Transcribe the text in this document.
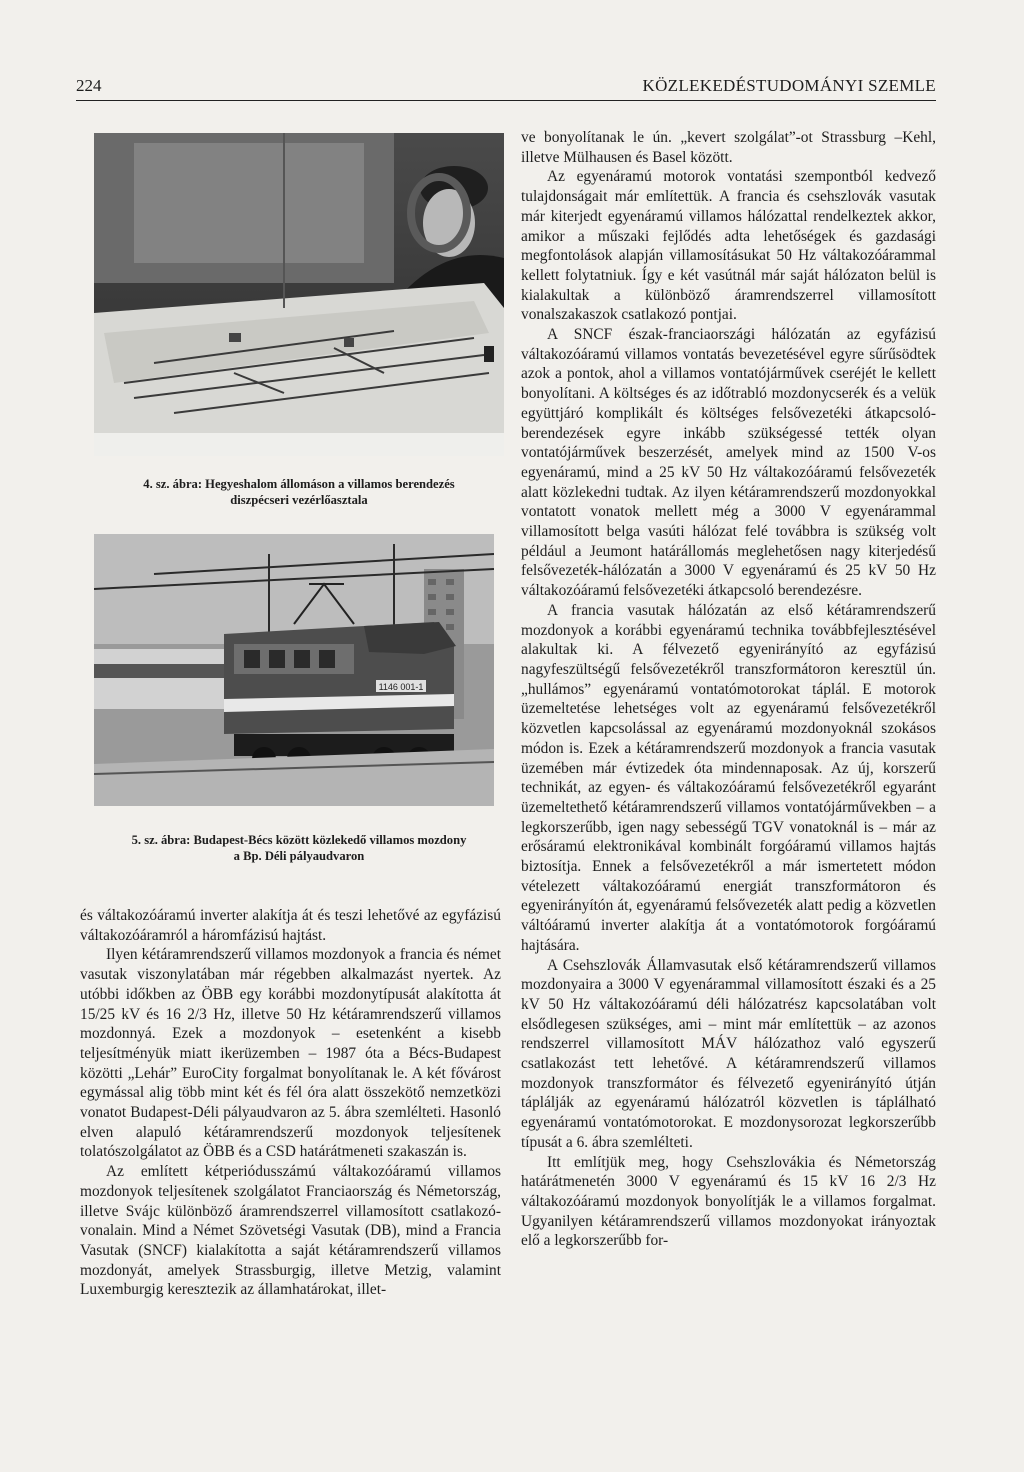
224	KÖZLEKEDÉSTUDOMÁNYI SZEMLE
4. sz. ábra: Hegyeshalom állomáson a villamos berendezés
diszpécseri vezérlőasztala
1146 001-1
5. sz. ábra: Budapest-Bécs között közlekedő villamos mozdony
a Bp. Déli pályaudvaron

és váltakozóáramú inverter alakítja át és teszi lehetővé az egyfázisú váltakozóáramról a háromfázisú hajtást.

Ilyen kétáramrendszerű villamos mozdonyok a francia és német vasutak viszonylatában már régebben alkalmazást nyertek. Az utóbbi időkben az ÖBB egy korábbi mozdonytípusát alakította át 15/25 kV és 16 2/3 Hz, illetve 50 Hz kétáramrendszerű villamos mozdonnyá. Ezek a mozdonyok – esetenként a kisebb teljesítményük miatt ikerüzemben – 1987 óta a Bécs-Budapest közötti „Lehár” EuroCity forgalmat bonyolítanak le. A két fővárost egymással alig több mint két és fél óra alatt összekötő nemzetközi vonatot Budapest-Déli pályaudvaron az 5. ábra szemlélteti. Hasonló elven alapuló kétáramrendszerű mozdonyok teljesítenek tolatószolgálatot az ÖBB és a CSD határátmeneti szakaszán is.

Az említett kétperiódusszámú váltakozóáramú villamos mozdonyok teljesítenek szolgálatot Franciaország és Németország, illetve Svájc különböző áramrendszerrel villamosított csatlakozó-vonalain. Mind a Német Szövetségi Vasutak (DB), mind a Francia Vasutak (SNCF) kialakította a saját kétáramrendszerű villamos mozdonyát, amelyek Strassburgig, illetve Metzig, valamint Luxemburgig keresztezik az államhatárokat, illet-

ve bonyolítanak le ún. „kevert szolgálat”-ot Strassburg –Kehl, illetve Mülhausen és Basel között.

Az egyenáramú motorok vontatási szempontból kedvező tulajdonságait már említettük. A francia és csehszlovák vasutak már kiterjedt egyenáramú villamos hálózattal rendelkeztek akkor, amikor a műszaki fejlődés adta lehetőségek és gazdasági megfontolások alapján villamosításukat 50 Hz váltakozóárammal kellett folytatniuk. Így e két vasútnál már saját hálózaton belül is kialakultak a különböző áramrendszerrel villamosított vonalszakaszok csatlakozó pontjai.

A SNCF észak-franciaországi hálózatán az egyfázisú váltakozóáramú villamos vontatás bevezetésével egyre sűrűsödtek azok a pontok, ahol a villamos vontatójárművek cseréjét le kellett bonyolítani. A költséges és az időtrabló mozdonycserék és a velük együttjáró komplikált és költséges felsővezetéki átkapcsoló-berendezések egyre inkább szükségessé tették olyan vontatójárművek beszerzését, amelyek mind az 1500 V-os egyenáramú, mind a 25 kV 50 Hz váltakozóáramú felsővezeték alatt közlekedni tudtak. Az ilyen kétáramrendszerű mozdonyokkal vontatott vonatok mellett még a 3000 V egyenárammal villamosított belga vasúti hálózat felé továbbra is szükség volt például a Jeumont határállomás meglehetősen nagy kiterjedésű felsővezeték-hálózatán a 3000 V egyenáramú és 25 kV 50 Hz váltakozóáramú felsővezetéki átkapcsoló berendezésre.

A francia vasutak hálózatán az első kétáramrendszerű mozdonyok a korábbi egyenáramú technika továbbfejlesztésével alakultak ki. A félvezető egyenirányító az egyfázisú nagyfeszültségű felsővezetékről transzformátoron keresztül ún. „hullámos” egyenáramú vontatómotorokat táplál. E motorok üzemeltetése lehetséges volt az egyenáramú felsővezetékről közvetlen kapcsolással az egyenáramú mozdonyoknál szokásos módon is. Ezek a kétáramrendszerű mozdonyok a francia vasutak üzemében már évtizedek óta mindennaposak. Az új, korszerű technikát, az egyen- és váltakozóáramú felsővezetékről egyaránt üzemeltethető kétáramrendszerű villamos vontatójárművekben – a legkorszerűbb, igen nagy sebességű TGV vonatoknál is – már az erősáramú elektronikával kombinált forgóáramú villamos hajtás biztosítja. Ennek a felsővezetékről a már ismertetett módon vételezett váltakozóáramú energiát transzformátoron és egyenirányítón át, egyenáramú felsővezeték alatt pedig a közvetlen váltóáramú inverter alakítja át a vontatómotorok forgóáramú hajtására.

A Csehszlovák Államvasutak első kétáramrendszerű villamos mozdonyaira a 3000 V egyenárammal villamosított északi és a 25 kV 50 Hz váltakozóáramú déli hálózatrész kapcsolatában volt elsődlegesen szükséges, ami – mint már említettük – az azonos rendszerrel villamosított MÁV hálózathoz való egyszerű csatlakozást tett lehetővé. A kétáramrendszerű villamos mozdonyok transzformátor és félvezető egyenirányító útján táplálják az egyenáramú hálózatról közvetlen is táplálható egyenáramú vontatómotorokat. E mozdonysorozat legkorszerűbb típusát a 6. ábra szemlélteti.

Itt említjük meg, hogy Csehszlovákia és Németország határátmenetén 3000 V egyenáramú és 15 kV 16 2/3 Hz váltakozóáramú mozdonyok bonyolítják le a villamos forgalmat. Ugyanilyen kétáramrendszerű villamos mozdonyokat irányoztak elő a legkorszerűbb for-
